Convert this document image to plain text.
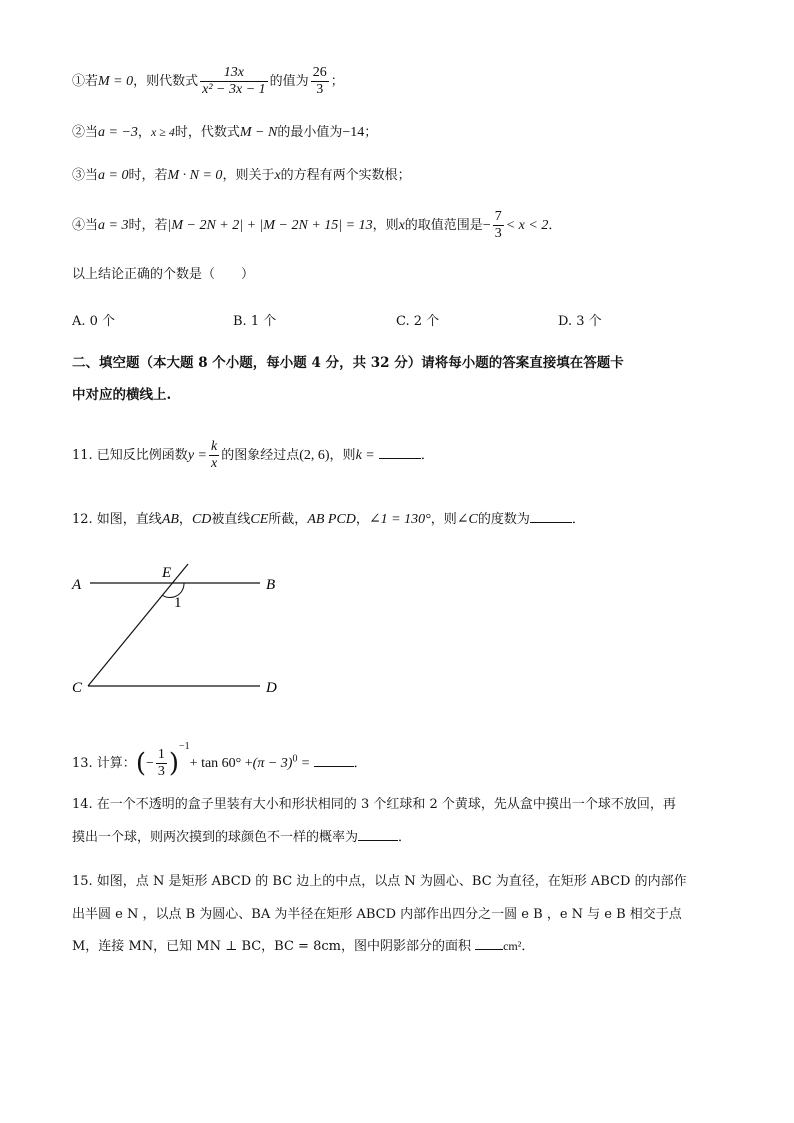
①若M = 0，则代数式 $\frac{13x}{\text{x² − 3x − 1}}$ 的值为 $\frac{26}{3}$ ；
②当a = −3，x ≥ 4时，代数式M − N的最小值为−14；
③当a = 0时，若M · N = 0，则关于x的方程有两个实数根；
④当a = 3时，若|M − 2N + 2| + |M − 2N + 15| = 13，则x的取值范围是− $\frac{7}{3} < x < 2$．
以上结论正确的个数是（　　）
A. 0 个	B. 1 个	C. 2 个	D. 3 个
二、填空题（本大题 8 个小题，每小题 4 分，共 32 分）请将每小题的答案直接填在答题卡
中对应的横线上.
11. 已知反比例函数$y = \frac{k}{x}$ 的图象经过点(2, 6)，则k =	．
12. 如图，直线AB，CD被直线CE所截，AB PCD，∠1 = 130°，则∠C的度数为	．
A
E
B
1
C	D
13. 计算：(− $\frac{1}{3} )^{-1}+ \tan 60^\circ +(\pi - 3)^0$ =	．
14. 在一个不透明的盒子里装有大小和形状相同的 3 个红球和 2 个黄球，先从盒中摸出一个球不放回，再
摸出一个球，则两次摸到的球颜色不一样的概率为	．
15. 如图，点 N 是矩形 ABCD 的 BC 边上的中点，以点 N 为圆心、BC 为直径，在矩形 ABCD 的内部作
出半圆 e N ，以点 B 为圆心、BA 为半径在矩形 ABCD 内部作出四分之一圆 e B ，e N 与 e B 相交于点
M，连接 MN，已知 MN ⊥ BC，BC = 8cm，图中阴影部分的面积	cm²．
